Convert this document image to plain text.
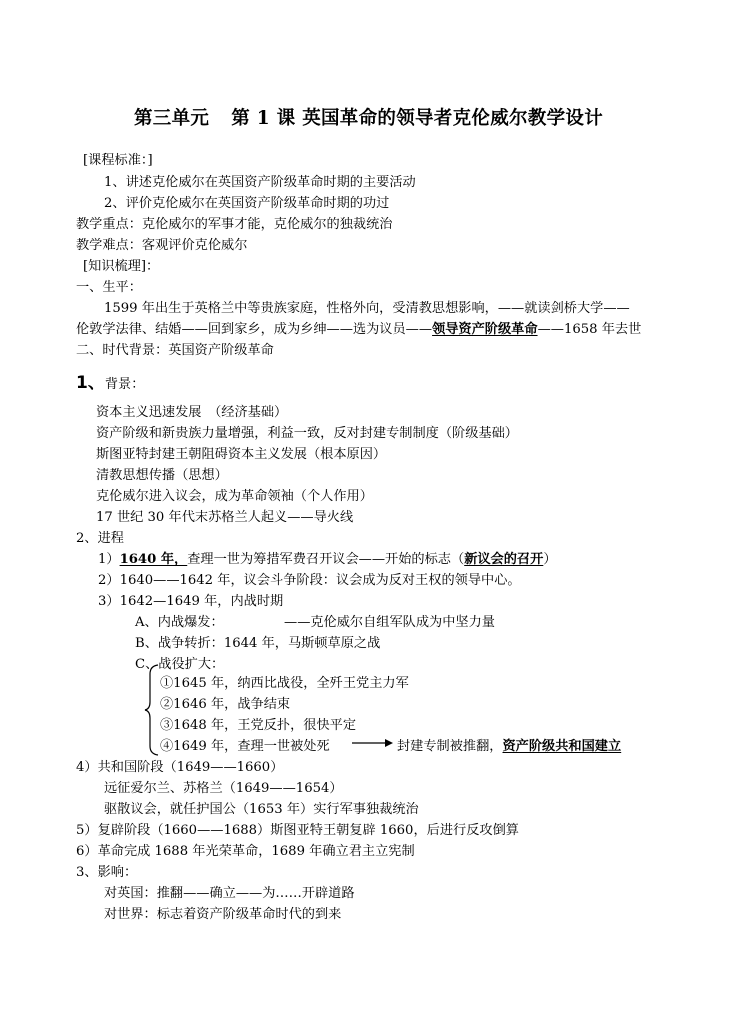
第三单元 第 1 课 英国革命的领导者克伦威尔教学设计
[课程标准：]
1、讲述克伦威尔在英国资产阶级革命时期的主要活动
2、评价克伦威尔在英国资产阶级革命时期的功过
教学重点：克伦威尔的军事才能，克伦威尔的独裁统治
教学难点：客观评价克伦威尔
[知识梳理]：
一、生平：
1599 年出生于英格兰中等贵族家庭，性格外向，受清教思想影响，——就读剑桥大学——
伦敦学法律、结婚——回到家乡，成为乡绅——选为议员——领导资产阶级革命——1658 年去世
二、时代背景：英国资产阶级革命
1、背景：
资本主义迅速发展　（经济基础）
资产阶级和新贵族力量增强，利益一致，反对封建专制制度（阶级基础）
斯图亚特封建王朝阻碍资本主义发展（根本原因）
清教思想传播（思想）
克伦威尔进入议会，成为革命领袖（个人作用）
17 世纪 30 年代末苏格兰人起义——导火线
2、进程
1）1640 年，查理一世为筹措军费召开议会——开始的标志（新议会的召开）
2）1640——1642 年，议会斗争阶段：议会成为反对王权的领导中心。
3）1642—1649 年，内战时期
A、内战爆发：	——克伦威尔自组军队成为中坚力量
B、战争转折：1644 年，马斯顿草原之战
C、战役扩大：
①1645 年，纳西比战役，全歼王党主力军
②1646 年，战争结束
③1648 年，王党反扑，很快平定
④1649 年，查理一世被处死	封建专制被推翻，资产阶级共和国建立
4）共和国阶段（1649——1660）
远征爱尔兰、苏格兰（1649——1654）
驱散议会，就任护国公（1653 年）实行军事独裁统治
5）复辟阶段（1660——1688）斯图亚特王朝复辟 1660，后进行反攻倒算
6）革命完成 1688 年光荣革命，1689 年确立君主立宪制
3、影响：
对英国：推翻——确立——为……开辟道路
对世界：标志着资产阶级革命时代的到来
